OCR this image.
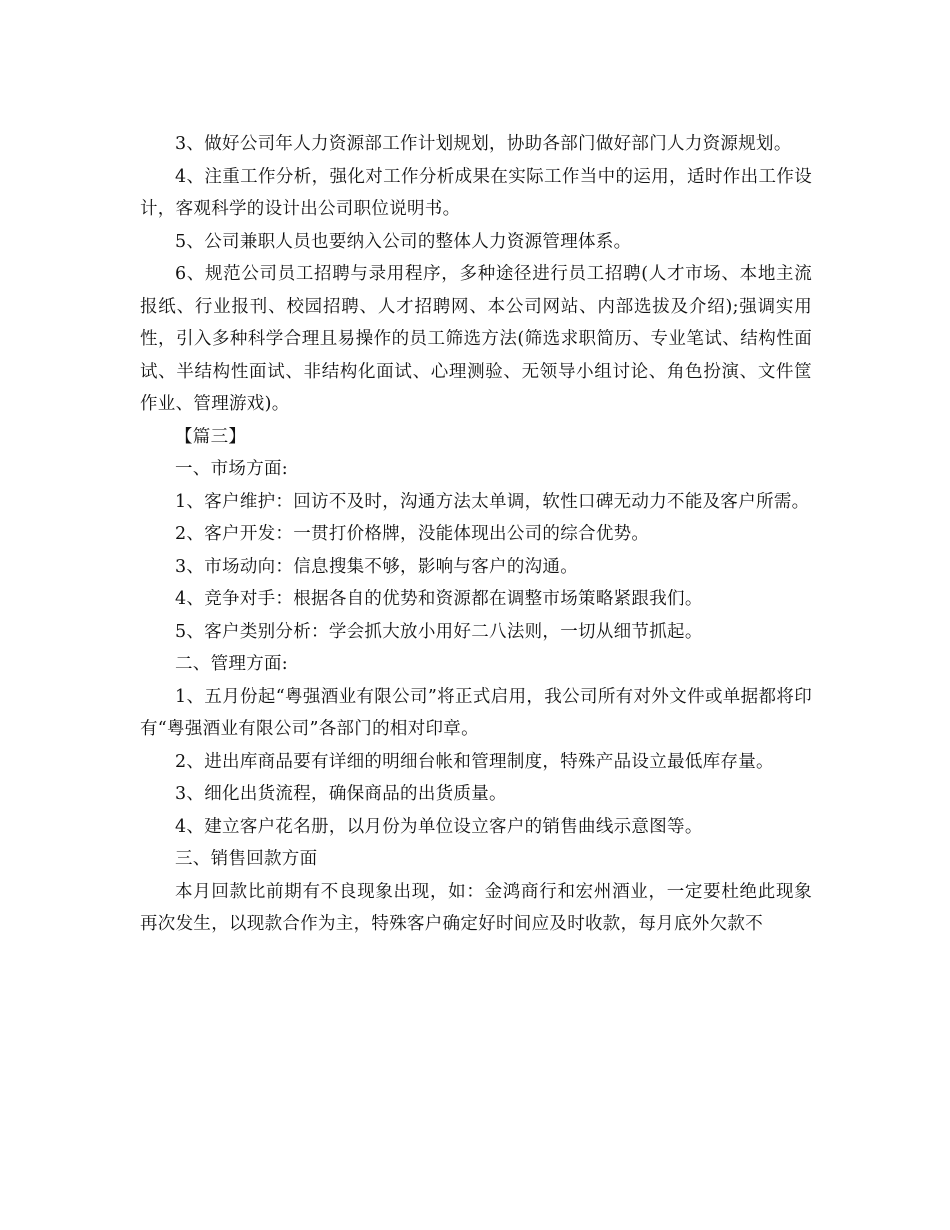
3、做好公司年人力资源部工作计划规划，协助各部门做好部门人力资源规划。

4、注重工作分析，强化对工作分析成果在实际工作当中的运用，适时作出工作设计，客观科学的设计出公司职位说明书。

5、公司兼职人员也要纳入公司的整体人力资源管理体系。

6、规范公司员工招聘与录用程序，多种途径进行员工招聘(人才市场、本地主流报纸、行业报刊、校园招聘、人才招聘网、本公司网站、内部选拔及介绍);强调实用性，引入多种科学合理且易操作的员工筛选方法(筛选求职简历、专业笔试、结构性面试、半结构性面试、非结构化面试、心理测验、无领导小组讨论、角色扮演、文件筐作业、管理游戏)。

【篇三】

一、市场方面:

1、客户维护：回访不及时，沟通方法太单调，软性口碑无动力不能及客户所需。

2、客户开发：一贯打价格牌，没能体现出公司的综合优势。

3、市场动向：信息搜集不够，影响与客户的沟通。

4、竞争对手：根据各自的优势和资源都在调整市场策略紧跟我们。

5、客户类别分析：学会抓大放小用好二八法则，一切从细节抓起。

二、管理方面:

1、五月份起“粤强酒业有限公司”将正式启用，我公司所有对外文件或单据都将印有“粤强酒业有限公司”各部门的相对印章。

2、进出库商品要有详细的明细台帐和管理制度，特殊产品设立最低库存量。

3、细化出货流程，确保商品的出货质量。

4、建立客户花名册，以月份为单位设立客户的销售曲线示意图等。

三、销售回款方面

本月回款比前期有不良现象出现，如：金鸿商行和宏州酒业，一定要杜绝此现象再次发生，以现款合作为主，特殊客户确定好时间应及时收款，每月底外欠款不
